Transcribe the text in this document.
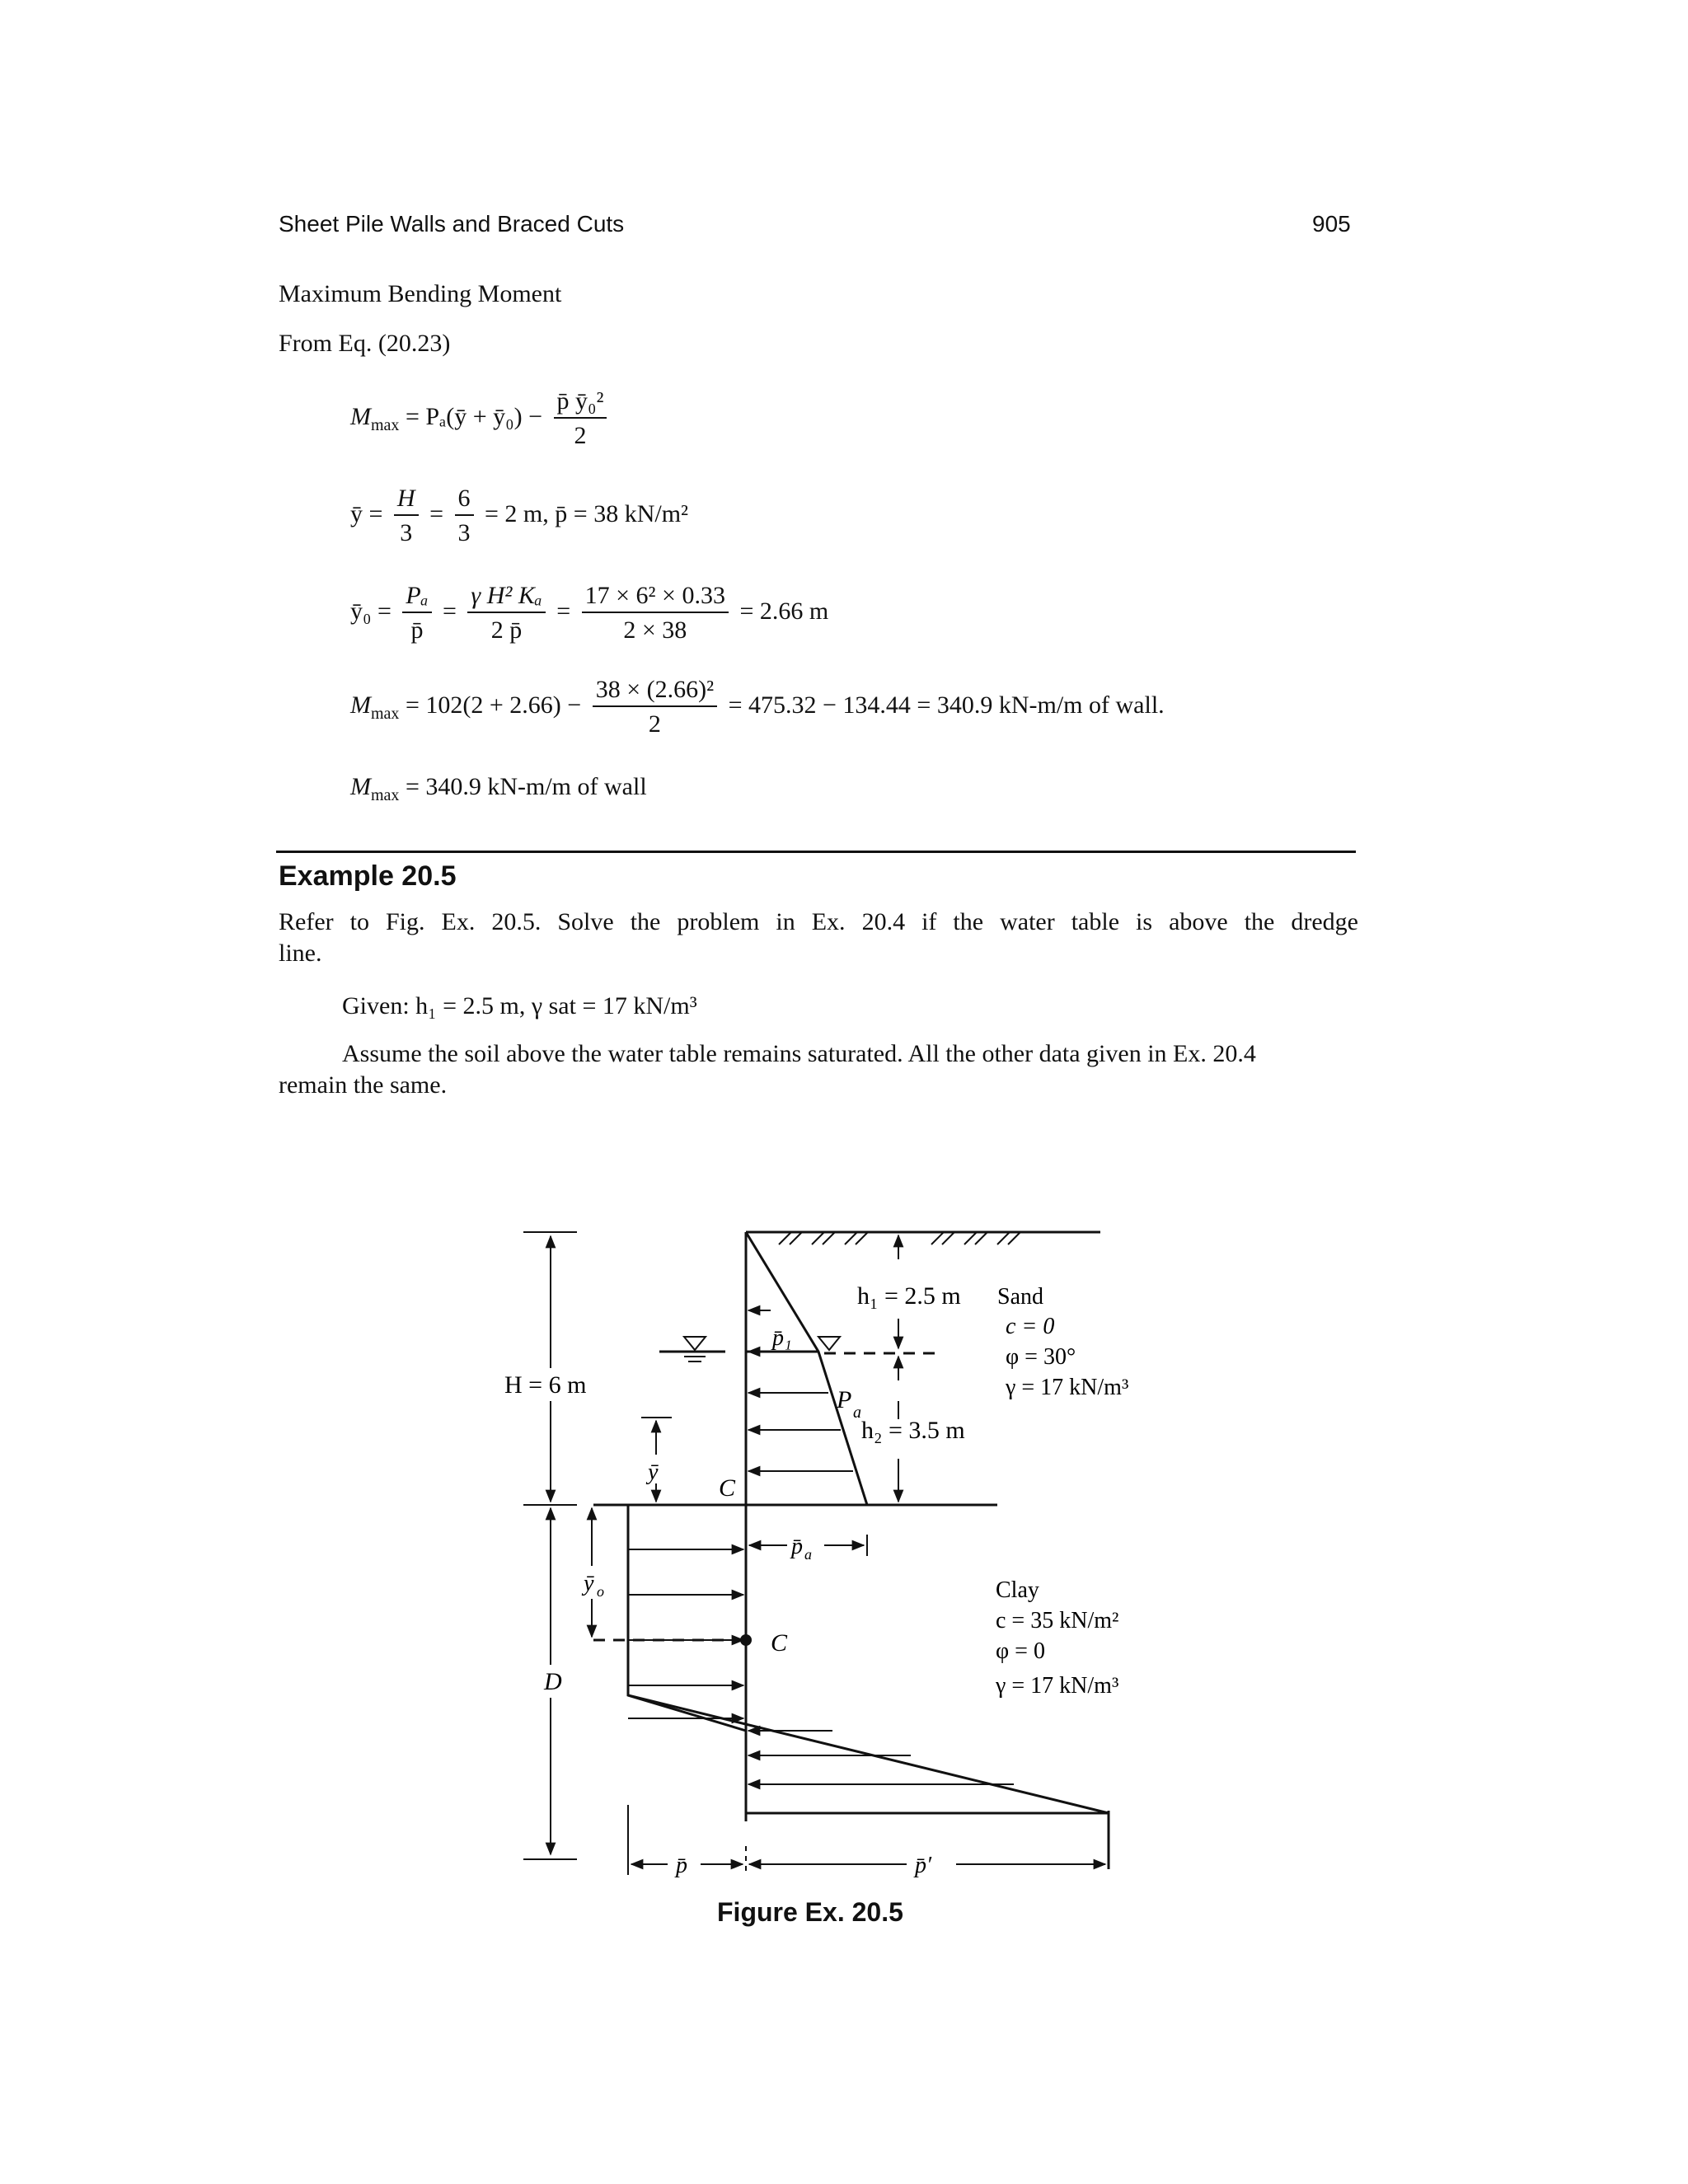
Sheet Pile Walls and Braced Cuts	905
Maximum Bending Moment
From Eq. (20.23)
$M_{max}$ = Pₐ(ȳ + ȳ₀) − $\frac{\text{p̄ ȳ₀²}}{2}$
ȳ = $\frac{H}{3} = \frac{6}{3} = 2$ m, p̄ = 38 kN/m²
ȳ₀ = $\frac{\text{Pₐ}}{p̄} = \frac{\text{γ H² Kₐ}}{2 p̄} = \frac{\text{17 × 6² × 0.33}}{2 \times 38} = 2.66$ m
$M_{max} = 102(2 + 2.66) - \frac{\text{38 × (2.66)²}}{2} = 475.32 - 134.44 = 340.9$ kN-m/m of wall.
$M_{max} = 340.9$ kN-m/m of wall
Example 20.5
Refer to Fig. Ex. 20.5. Solve the problem in Ex. 20.4 if the water table is above the dredge
line.
Given: h₁ = 2.5 m, γ sat = 17 kN/m³
Assume the soil above the water table remains saturated. All the other data given in Ex. 20.4
remain the same.
H = 6 m
D
h₁ = 2.5 m
h₂ = 3.5 m
p̄₁
P a
p̄ a
ȳ
ȳ o
C
C
p̄	p̄′
Sand
c = 0
φ = 30°
γ = 17 kN/m³
Clay
c = 35 kN/m²
φ = 0
γ = 17 kN/m³
Figure Ex. 20.5
